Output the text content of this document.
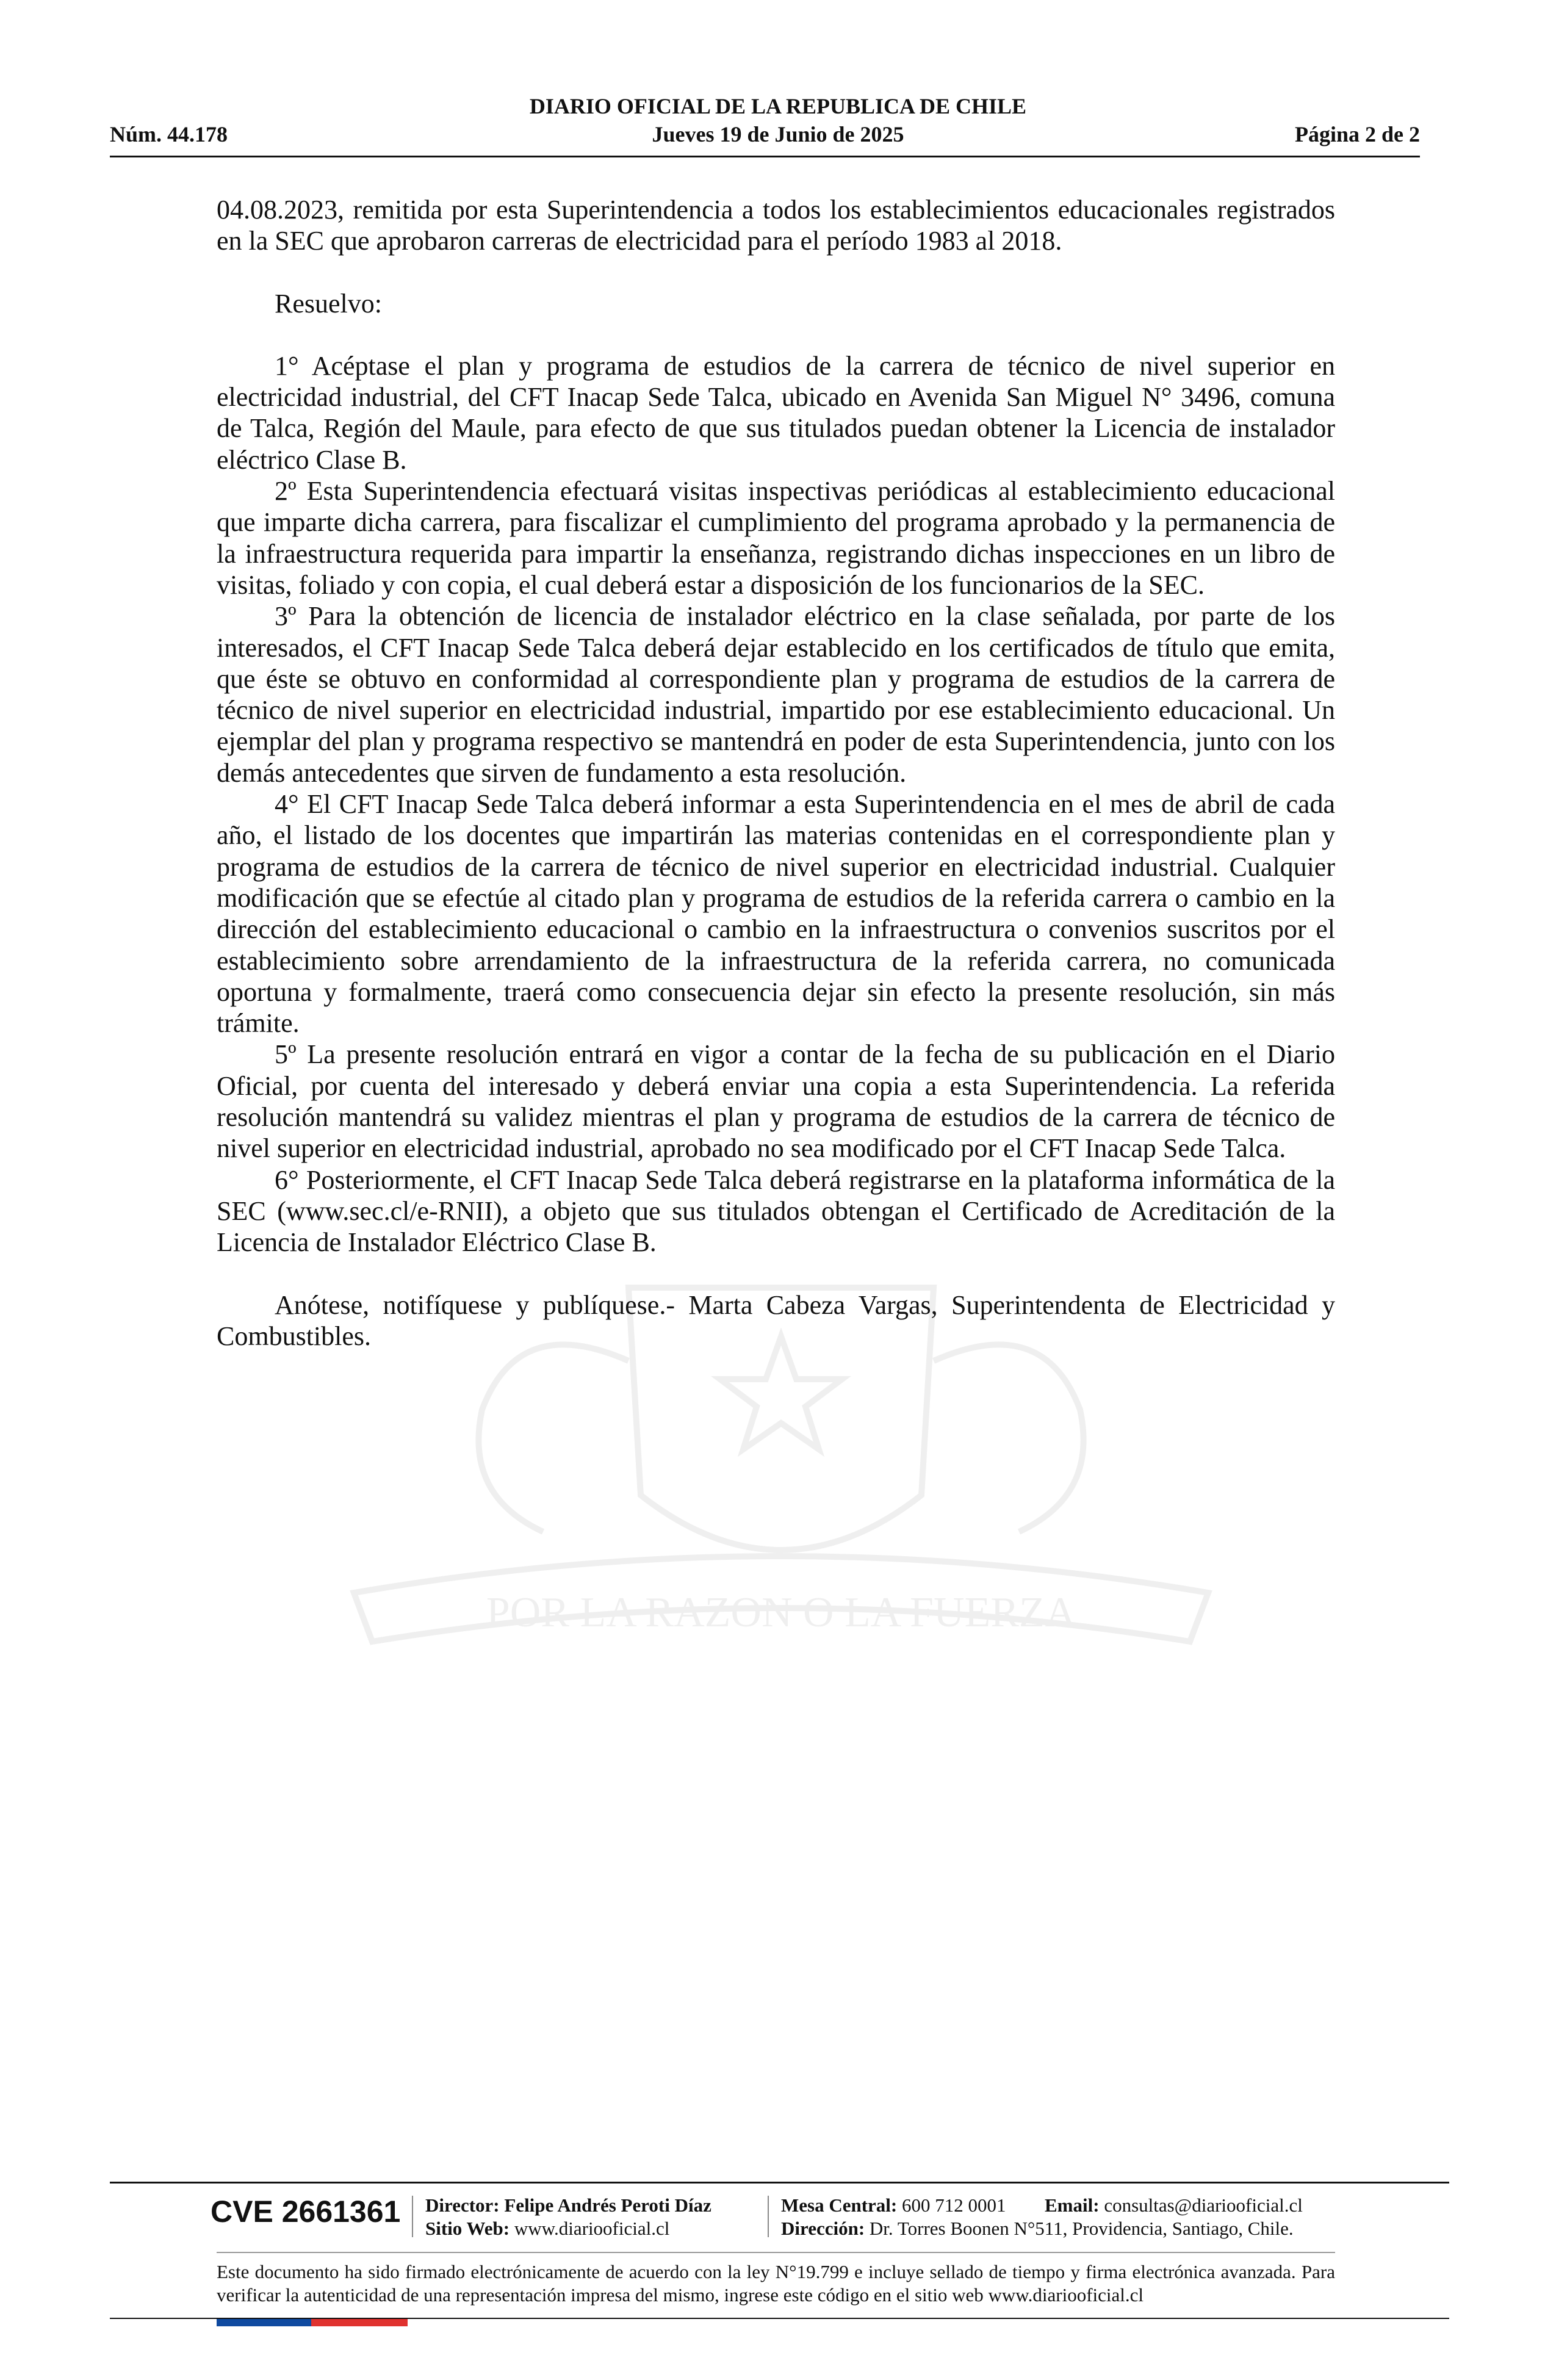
DIARIO OFICIAL DE LA REPUBLICA DE CHILE
Núm. 44.178	Jueves 19 de Junio de 2025	Página 2 de 2
POR LA RAZON O LA FUERZA

04.08.2023, remitida por esta Superintendencia a todos los establecimientos educacionales registrados en la SEC que aprobaron carreras de electricidad para el período 1983 al 2018.

Resuelvo:

1° Acéptase el plan y programa de estudios de la carrera de técnico de nivel superior en electricidad industrial, del CFT Inacap Sede Talca, ubicado en Avenida San Miguel N° 3496, comuna de Talca, Región del Maule, para efecto de que sus titulados puedan obtener la Licencia de instalador eléctrico Clase B.

2º Esta Superintendencia efectuará visitas inspectivas periódicas al establecimiento educacional que imparte dicha carrera, para fiscalizar el cumplimiento del programa aprobado y la permanencia de la infraestructura requerida para impartir la enseñanza, registrando dichas inspecciones en un libro de visitas, foliado y con copia, el cual deberá estar a disposición de los funcionarios de la SEC.

3º Para la obtención de licencia de instalador eléctrico en la clase señalada, por parte de los interesados, el CFT Inacap Sede Talca deberá dejar establecido en los certificados de título que emita, que éste se obtuvo en conformidad al correspondiente plan y programa de estudios de la carrera de técnico de nivel superior en electricidad industrial, impartido por ese establecimiento educacional. Un ejemplar del plan y programa respectivo se mantendrá en poder de esta Superintendencia, junto con los demás antecedentes que sirven de fundamento a esta resolución.

4° El CFT Inacap Sede Talca deberá informar a esta Superintendencia en el mes de abril de cada año, el listado de los docentes que impartirán las materias contenidas en el correspondiente plan y programa de estudios de la carrera de técnico de nivel superior en electricidad industrial. Cualquier modificación que se efectúe al citado plan y programa de estudios de la referida carrera o cambio en la dirección del establecimiento educacional o cambio en la infraestructura o convenios suscritos por el establecimiento sobre arrendamiento de la infraestructura de la referida carrera, no comunicada oportuna y formalmente, traerá como consecuencia dejar sin efecto la presente resolución, sin más trámite.

5º La presente resolución entrará en vigor a contar de la fecha de su publicación en el Diario Oficial, por cuenta del interesado y deberá enviar una copia a esta Superintendencia. La referida resolución mantendrá su validez mientras el plan y programa de estudios de la carrera de técnico de nivel superior en electricidad industrial, aprobado no sea modificado por el CFT Inacap Sede Talca.

6° Posteriormente, el CFT Inacap Sede Talca deberá registrarse en la plataforma informática de la SEC (www.sec.cl/e-RNII), a objeto que sus titulados obtengan el Certificado de Acreditación de la Licencia de Instalador Eléctrico Clase B.

Anótese, notifíquese y publíquese.- Marta Cabeza Vargas, Superintendenta de Electricidad y Combustibles.

CVE 2661361 Director: Felipe Andrés Peroti Díaz
Sitio Web: www.diariooficial.cl
Mesa Central: 600 712 0001 Email: consultas@diariooficial.cl
Dirección: Dr. Torres Boonen N°511, Providencia, Santiago, Chile.
Este documento ha sido firmado electrónicamente de acuerdo con la ley N°19.799 e incluye sellado de tiempo y firma electrónica avanzada. Para verificar la autenticidad de una representación impresa del mismo, ingrese este código en el sitio web www.diariooficial.cl
